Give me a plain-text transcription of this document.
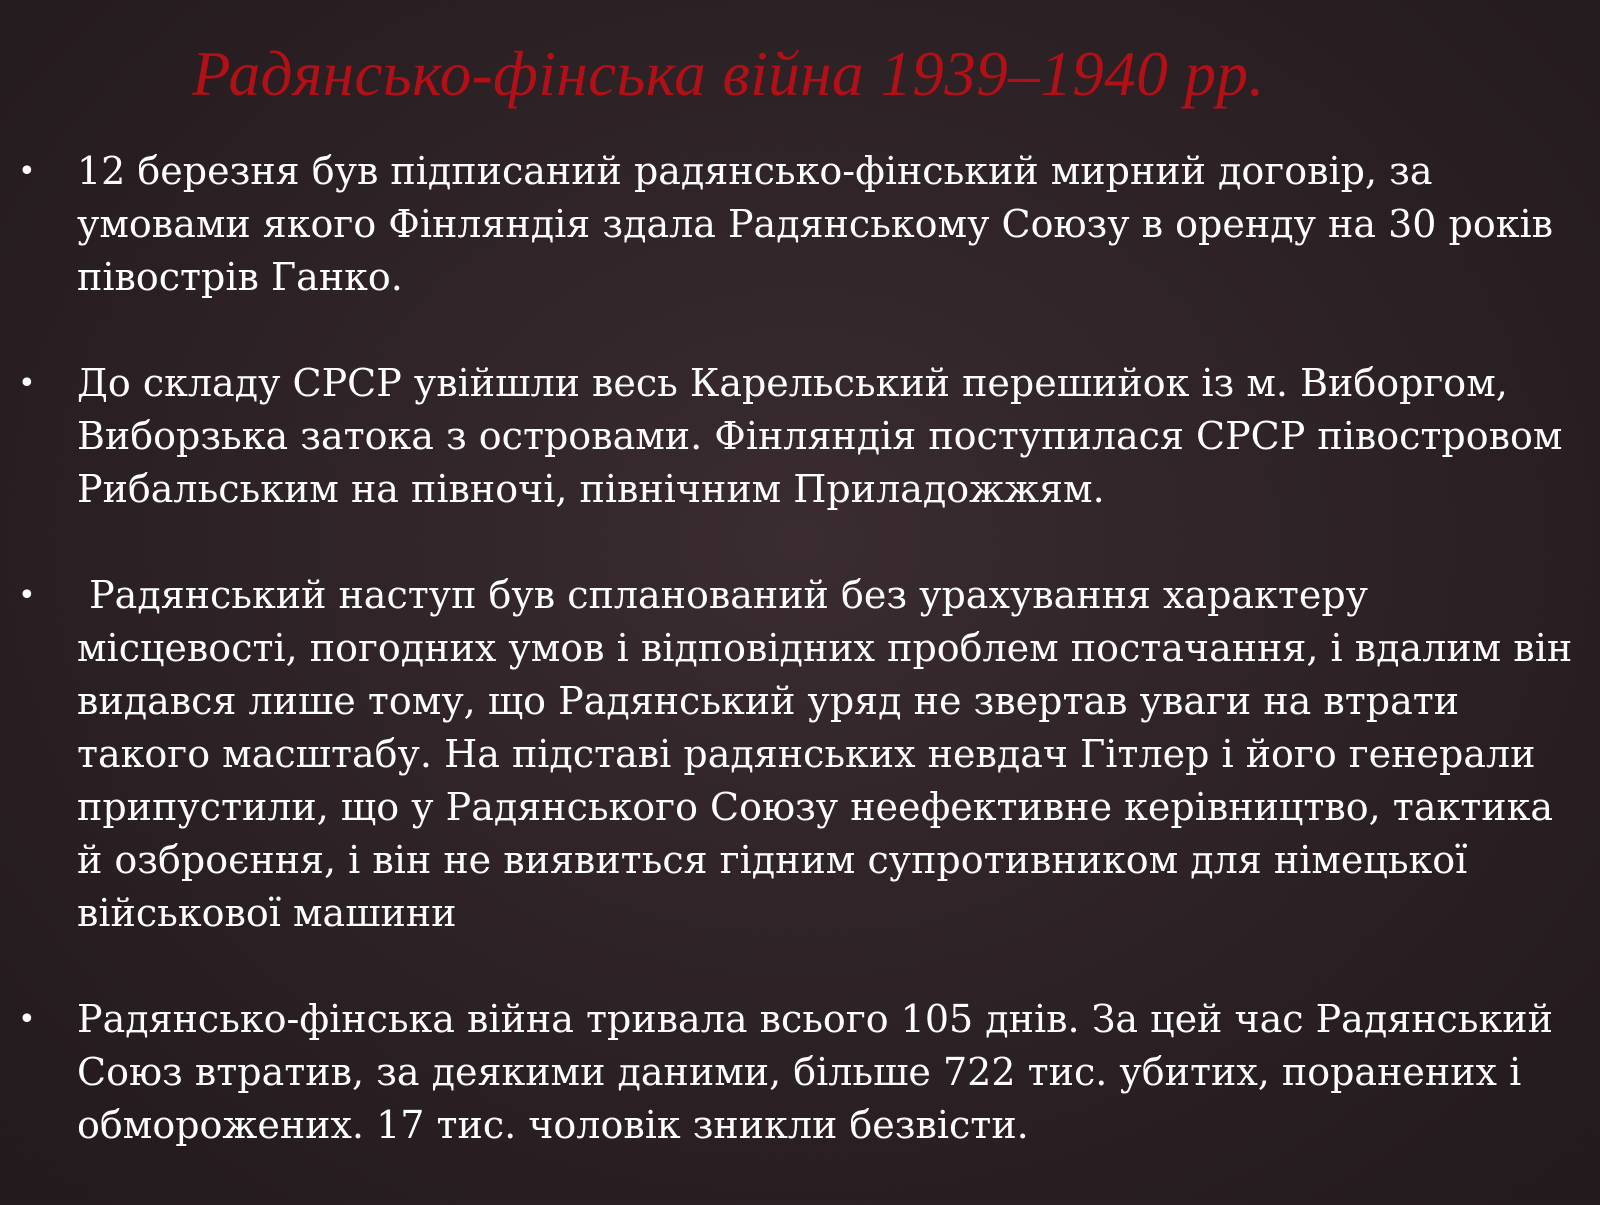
Радянсько-фінська війна 1939–1940 рр.
• 12 березня був підписаний радянсько-фінський мирний договір, за умовами якого Фінляндія здала Радянському Союзу в оренду на 30 років півострів Ганко.
• До складу СРСР увійшли весь Карельський перешийок із м. Виборгом, Виборзька затока з островами. Фінляндія поступилася СРСР півостровом Рибальським на півночі, північним Приладожжям.
• Радянський наступ був спланований без урахування характеру місцевості, погодних умов і відповідних проблем постачання, і вдалим він видався лише тому, що Радянський уряд не звертав уваги на втрати такого масштабу. На підставі радянських невдач Гітлер і його генерали припустили, що у Радянського Союзу неефективне керівництво, тактика й озброєння, і він не виявиться гідним супротивником для німецької військової машини
• Радянсько-фінська війна тривала всього 105 днів. За цей час Радянський Союз втратив, за деякими даними, більше 722 тис. убитих, поранених і обморожених. 17 тис. чоловік зникли безвісти.
